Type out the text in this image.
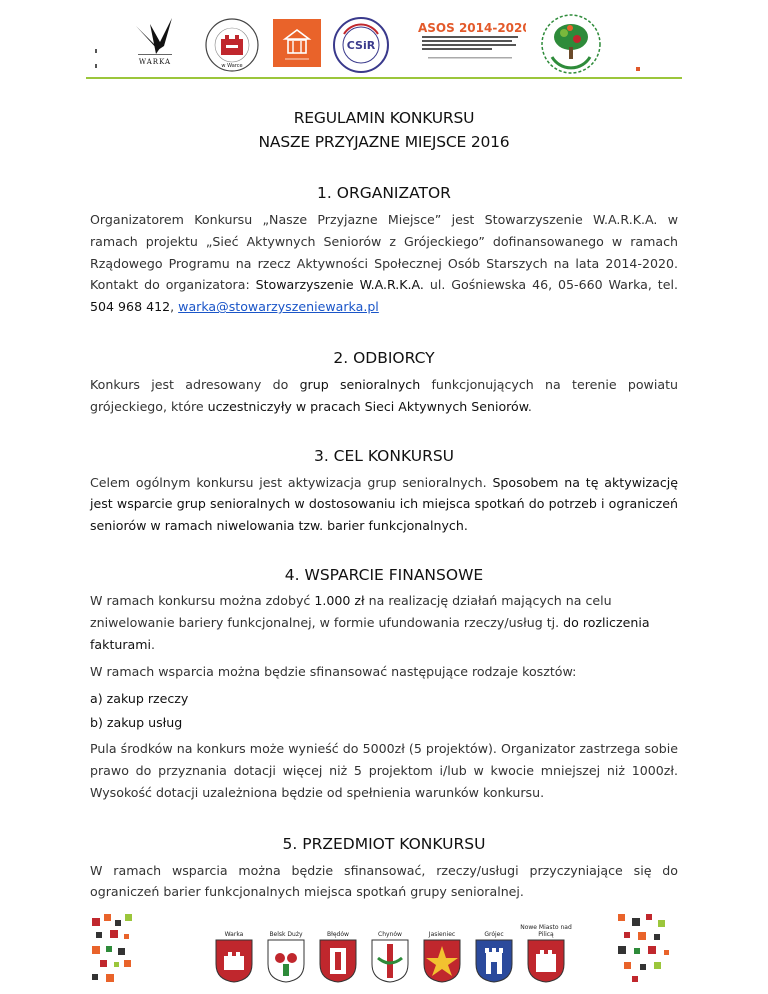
WARKA	w Warce
CSiR
ASOS 2014-2020
REGULAMIN KONKURSU
NASZE PRZYJAZNE MIEJSCE 2016
1. ORGANIZATOR

Organizatorem Konkursu „Nasze Przyjazne Miejsce” jest Stowarzyszenie W.A.R.K.A. w ramach projektu „Sieć Aktywnych Seniorów z Grójeckiego” dofinansowanego w ramach Rządowego Programu na rzecz Aktywności Społecznej Osób Starszych na lata 2014-2020. Kontakt do organizatora: Stowarzyszenie W.A.R.K.A. ul. Gośniewska 46, 05-660 Warka, tel. 504 968 412, warka@stowarzyszeniewarka.pl

2. ODBIORCY

Konkurs jest adresowany do grup senioralnych funkcjonujących na terenie powiatu grójeckiego, które uczestniczyły w pracach Sieci Aktywnych Seniorów.

3. CEL KONKURSU

Celem ogólnym konkursu jest aktywizacja grup senioralnych. Sposobem na tę aktywizację jest wsparcie grup senioralnych w dostosowaniu ich miejsca spotkań do potrzeb i ograniczeń seniorów w ramach niwelowania tzw. barier funkcjonalnych.

4. WSPARCIE FINANSOWE

W ramach konkursu można zdobyć 1.000 zł na realizację działań mających na celu zniwelowanie bariery funkcjonalnej, w formie ufundowania rzeczy/usług tj. do rozliczenia fakturami.

W ramach wsparcia można będzie sfinansować następujące rodzaje kosztów:

a) zakup rzeczy
b) zakup usług

Pula środków na konkurs może wynieść do 5000zł (5 projektów). Organizator zastrzega sobie prawo do przyznania dotacji więcej niż 5 projektom i/lub w kwocie mniejszej niż 1000zł. Wysokość dotacji uzależniona będzie od spełnienia warunków konkursu.

5. PRZEDMIOT KONKURSU

W ramach wsparcia można będzie sfinansować, rzeczy/usługi przyczyniające się do ograniczeń barier funkcjonalnych miejsca spotkań grupy senioralnej.

Warka	Belsk Duży	Błędów	Chynów	Jasieniec	Grójec
Nowe Miasto nad Pilicą
